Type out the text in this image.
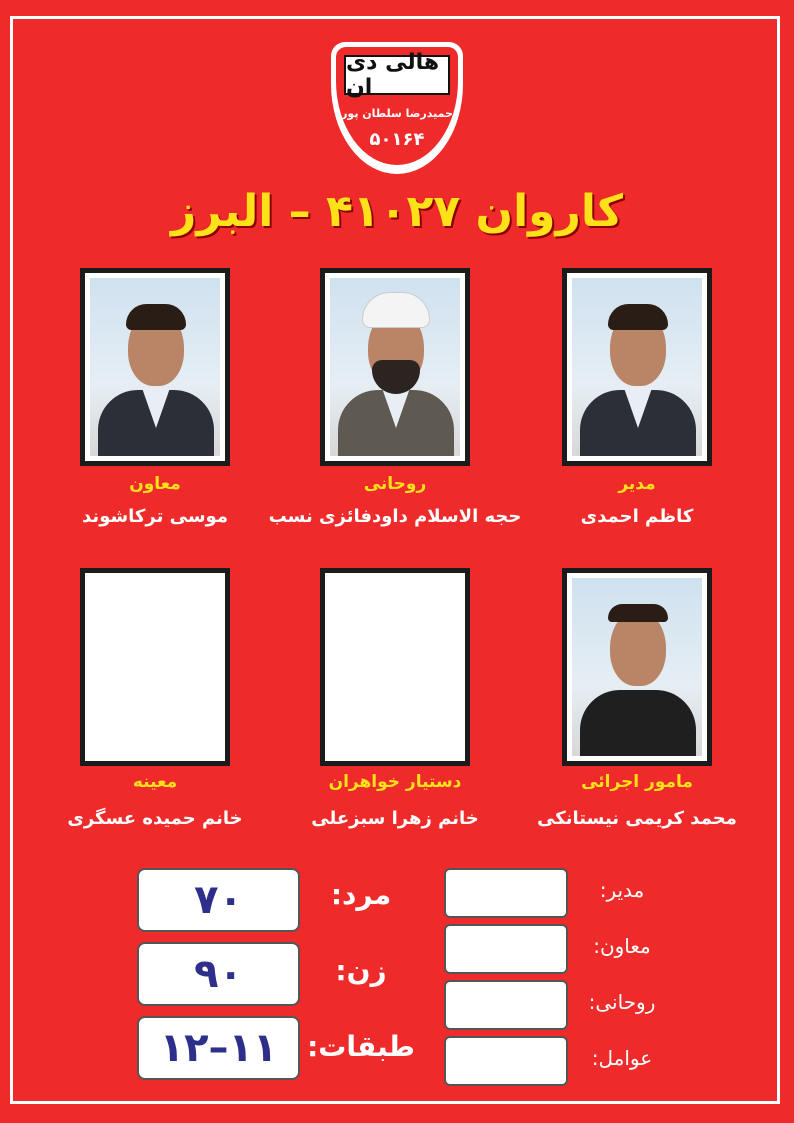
هالی دی ان
حمیدرضا سلطان پور
۵۰۱۶۴
کاروان ۴۱۰۲۷ – البرز
مدیر
کاظم احمدی
روحانی
حجه الاسلام داودفائزی نسب
معاون
موسی ترکاشوند
مامور اجرائی
محمد کریمی نیستانکی
دستیار خواهران
خانم زهرا سبزعلی
معینه
خانم حمیده عسگری
۷۰	مرد:
۹۰	زن:
۱۲–۱۱	طبقات:
مدیر:
معاون:
روحانی:
عوامل:
